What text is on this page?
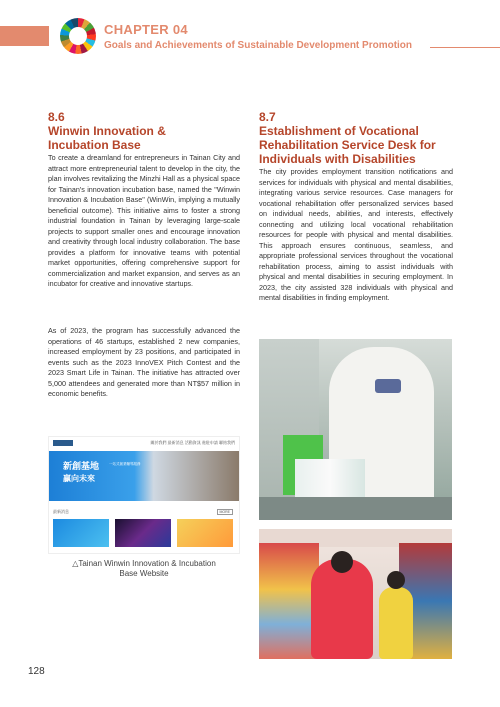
CHAPTER 04
Goals and Achievements of Sustainable Development Promotion
8.6
Winwin Innovation &
Incubation Base
To create a dreamland for entrepreneurs in Tainan City and attract more entrepreneurial talent to develop in the city, the plan involves revitalizing the Minzhi Hall as a physical space for Tainan's innovation incubation base, named the "Winwin Innovation & Incubation Base" (WinWin, implying a mutually beneficial outcome). This initiative aims to foster a strong industrial foundation in Tainan by leveraging large-scale projects to support smaller ones and encourage innovation and creativity through local industry collaboration. The base provides a platform for innovative teams with potential market opportunities, offering comprehensive support for commercialization and market expansion, and serves as an incubator for creative and innovative startups.
As of 2023, the program has successfully advanced the operations of 46 startups, established 2 new companies, increased employment by 23 positions, and participated in events such as the 2023 InnoVEX Pitch Contest and the 2023 Smart Life in Tainan. The initiative has attracted over 5,000 attendees and generated more than NT$57 million in economic benefits.
關於我們 最新消息 活動資訊 進駐申請 聯絡我們
新創基地
贏向未來
一站式創業輔導服務
最新消息	MORE
△Tainan Winwin Innovation & Incubation
Base Website
8.7
Establishment of Vocational
Rehabilitation Service Desk for
Individuals with Disabilities
The city provides employment transition notifications and services for individuals with physical and mental disabilities, integrating various service resources. Case managers for vocational rehabilitation offer personalized services based on individual needs, abilities, and interests, effectively connecting and utilizing local vocational rehabilitation resources for people with physical and mental disabilities. This approach ensures continuous, seamless, and appropriate professional services throughout the vocational rehabilitation process, aiming to assist individuals with physical and mental disabilities in securing employment. In 2023, the city assisted 328 individuals with physical and mental disabilities in finding employment.
128
